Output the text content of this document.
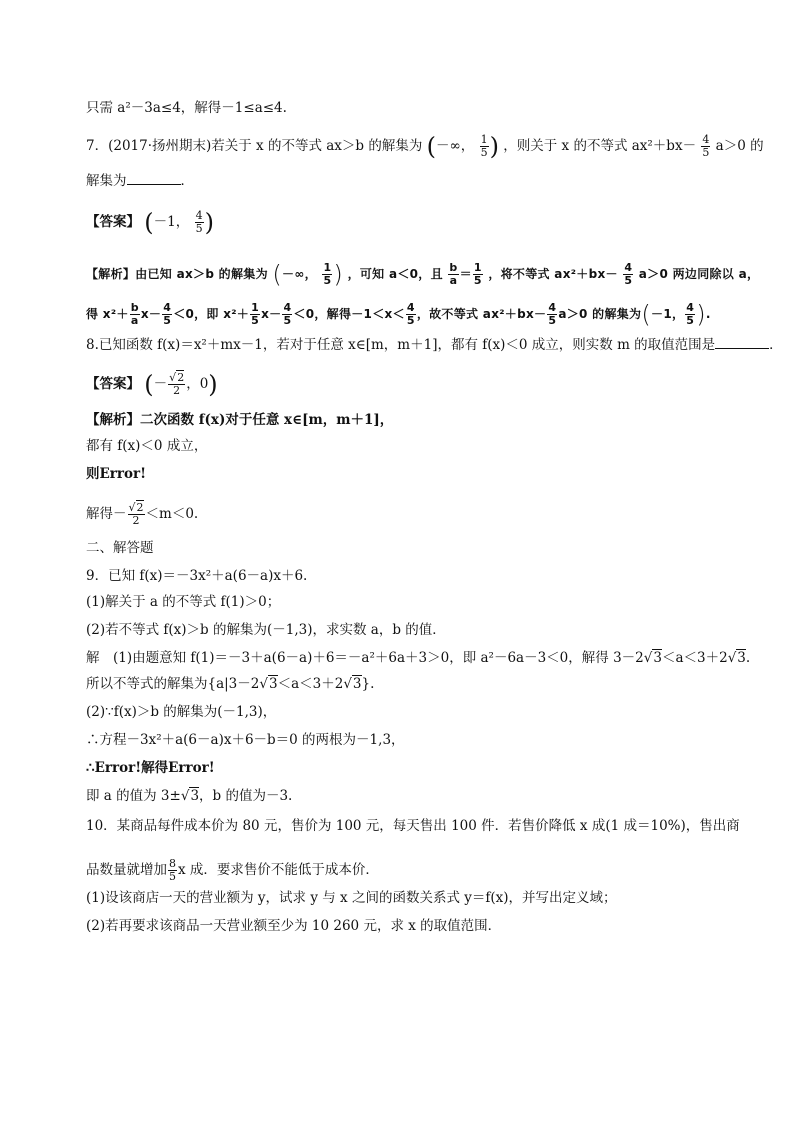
只需 a²－3a≤4，解得－1≤a≤4.
7．(2017·扬州期末)若关于 x 的不等式 ax＞b 的解集为 (－∞， $\frac{1}{5}$ ) ，则关于 x 的不等式 $ax^2+bx- \frac{4}{5} a>0$ 的
解集为	．
【答案】 (－1， $\frac{4}{5}$ )
【解析】由已知 ax＞b 的解集为 (－∞， $\frac{1}{5}$ ) ，可知 a＜0，且 $\frac{b}{a} = \frac{1}{5}$ ，将不等式 $ax^2+bx- \frac{4}{5} a>0$ 两边同除以 a，
得 $x^2+ \frac{b}{a} x- \frac{4}{5} <0$，即 $x^2+ \frac{1}{5} x- \frac{4}{5} <0$，解得$-1<x< \frac{4}{5}$ ，故不等式 $ax^2+bx- \frac{4}{5} a>0$ 的解集为(－1， $\frac{4}{5}$ ).
8.已知函数 f(x)＝x²＋mx－1，若对于任意 x∈[m，m＋1]，都有 f(x)＜0 成立，则实数 m 的取值范围是	．
【答案】 (－ $\frac{√2}{2}$ ，0)
【解析】二次函数 f(x)对于任意 x∈[m，m＋1]，
都有 f(x)＜0 成立，
则Error!
解得－ $\frac{√2}{2} <m<0$.
二、解答题
9．已知 f(x)＝－3x²＋a(6－a)x＋6.
(1)解关于 a 的不等式 f(1)＞0；
(2)若不等式 f(x)＞b 的解集为(－1,3)，求实数 a，b 的值．
解　(1)由题意知 f(1)＝－3＋a(6－a)＋6＝－a²＋6a＋3＞0，即 a²－6a－3＜0，解得 3－2√3＜a＜3＋2√3.
所以不等式的解集为{a|3－2√3＜a＜3＋2√3}.
(2)∵f(x)＞b 的解集为(－1,3)，
∴方程－3x²＋a(6－a)x＋6－b＝0 的两根为－1,3，
∴Error!解得Error!
即 a 的值为 3±√3，b 的值为－3.
10．某商品每件成本价为 80 元，售价为 100 元，每天售出 100 件．若售价降低 x 成(1 成＝10%)，售出商
品数量就增加 $\frac{8}{5}$ x 成．要求售价不能低于成本价．
(1)设该商店一天的营业额为 y，试求 y 与 x 之间的函数关系式 y＝f(x)，并写出定义域；
(2)若再要求该商品一天营业额至少为 10 260 元，求 x 的取值范围．
